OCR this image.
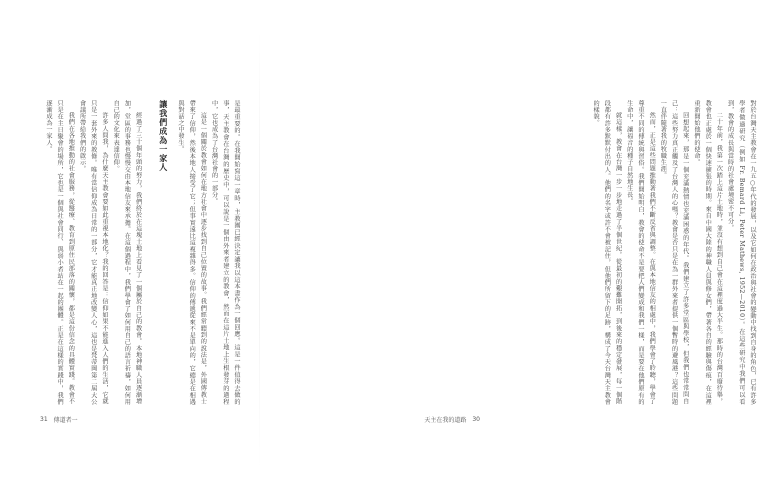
是最重要的。在我開始寫這一章時，主教團已經決定讓我以這本書作為一個回應。這是一件值得去做的事，天主教會在台灣的歷史中，可以說是一個由外來者建立的教會，然而在這片土地上生根發芽的過程中，它也成為了台灣社會的一部分。

這是一個關於教會如何在地方社會中逐步找到自己位置的故事。我們經常聽到的說法是，外國傳教士帶來了信仰，然後本地人接受了它；但事實遠比這複雜得多。信仰的傳遞從來不是單向的，它總是在相遇與對話之中發生。

讓我們成為一家人

經過了三十個年頭的努力，我們終於在這塊土地上看見了一個屬於自己的教會。本地神職人員逐漸增加，堂區的事務也慢慢交由本地信友來承擔。在這個過程中，我們學會了如何用自己的語言祈禱，如何用自己的文化來表達信仰。

許多人問我，為什麼天主教會要如此重視本地化？我的回答是：信仰如果不能進入人們的生活，它就只是一套外來的教條。唯有當信仰成為日常的一部分，它才能真正地改變人心，這也是梵蒂岡第二屆大公會議所帶給我們的啟示。

我們在各地推動的社會服務，從醫療、教育到原住民部落的關懷，都是這份信念的具體實踐。教會不只是在主日聚會的場所，它也是一個與社會同行、與弱小者站在一起的團體。正是在這樣的實踐中，我們逐漸成為一家人。

31 傳道者一

對於台灣天主教會在一九五○年代的發展，以及它如何在政治與社會的變動中找到自身的角色，已有許多學者做過研究（例如 Fr. Bemard Li, Peter Mathews, 1952—2010）。在這些研究中我們可以看到，教會的成長與當時的社會處境密不可分。

二十年前，我第一次踏上這片土地時，並沒有想到自己會在這裡度過大半生。那時的台灣百廢待舉，教會也正處於一個快速擴張的時期。來自中國大陸的神職人員與修女們，帶著各自的經驗與傷痕，在這裡重新開始他們的使命。

回想起來，那是一個充滿熱情也充滿困惑的年代。我們建立了許多堂區與學校，但我們也常常問自己：這些努力真正觸及了台灣人的心嗎？教會是否只是在為一群外來者提供一個暫時的避風港？這些問題一直伴隨著我的牧職生涯。

然而，正是這些問題推動著我們不斷反省與調整。在與本地信友的相處中，我們學會了聆聽，學會了尊重不同的傳統與習俗。我們開始明白，教會的使命不是要把人們變成和我們一樣，而是要在他們原有的生命中，讓福音的種子自然地生長。

就這樣，教會在台灣一步一步地走過了半個世紀。從最初的艱難開拓，到後來的穩定發展，每一個階段都有許多默默付出的人。他們的名字或許不會被記住，但他們所留下的足跡，構成了今天台灣天主教會的樣貌。

天主在我的道路 30
